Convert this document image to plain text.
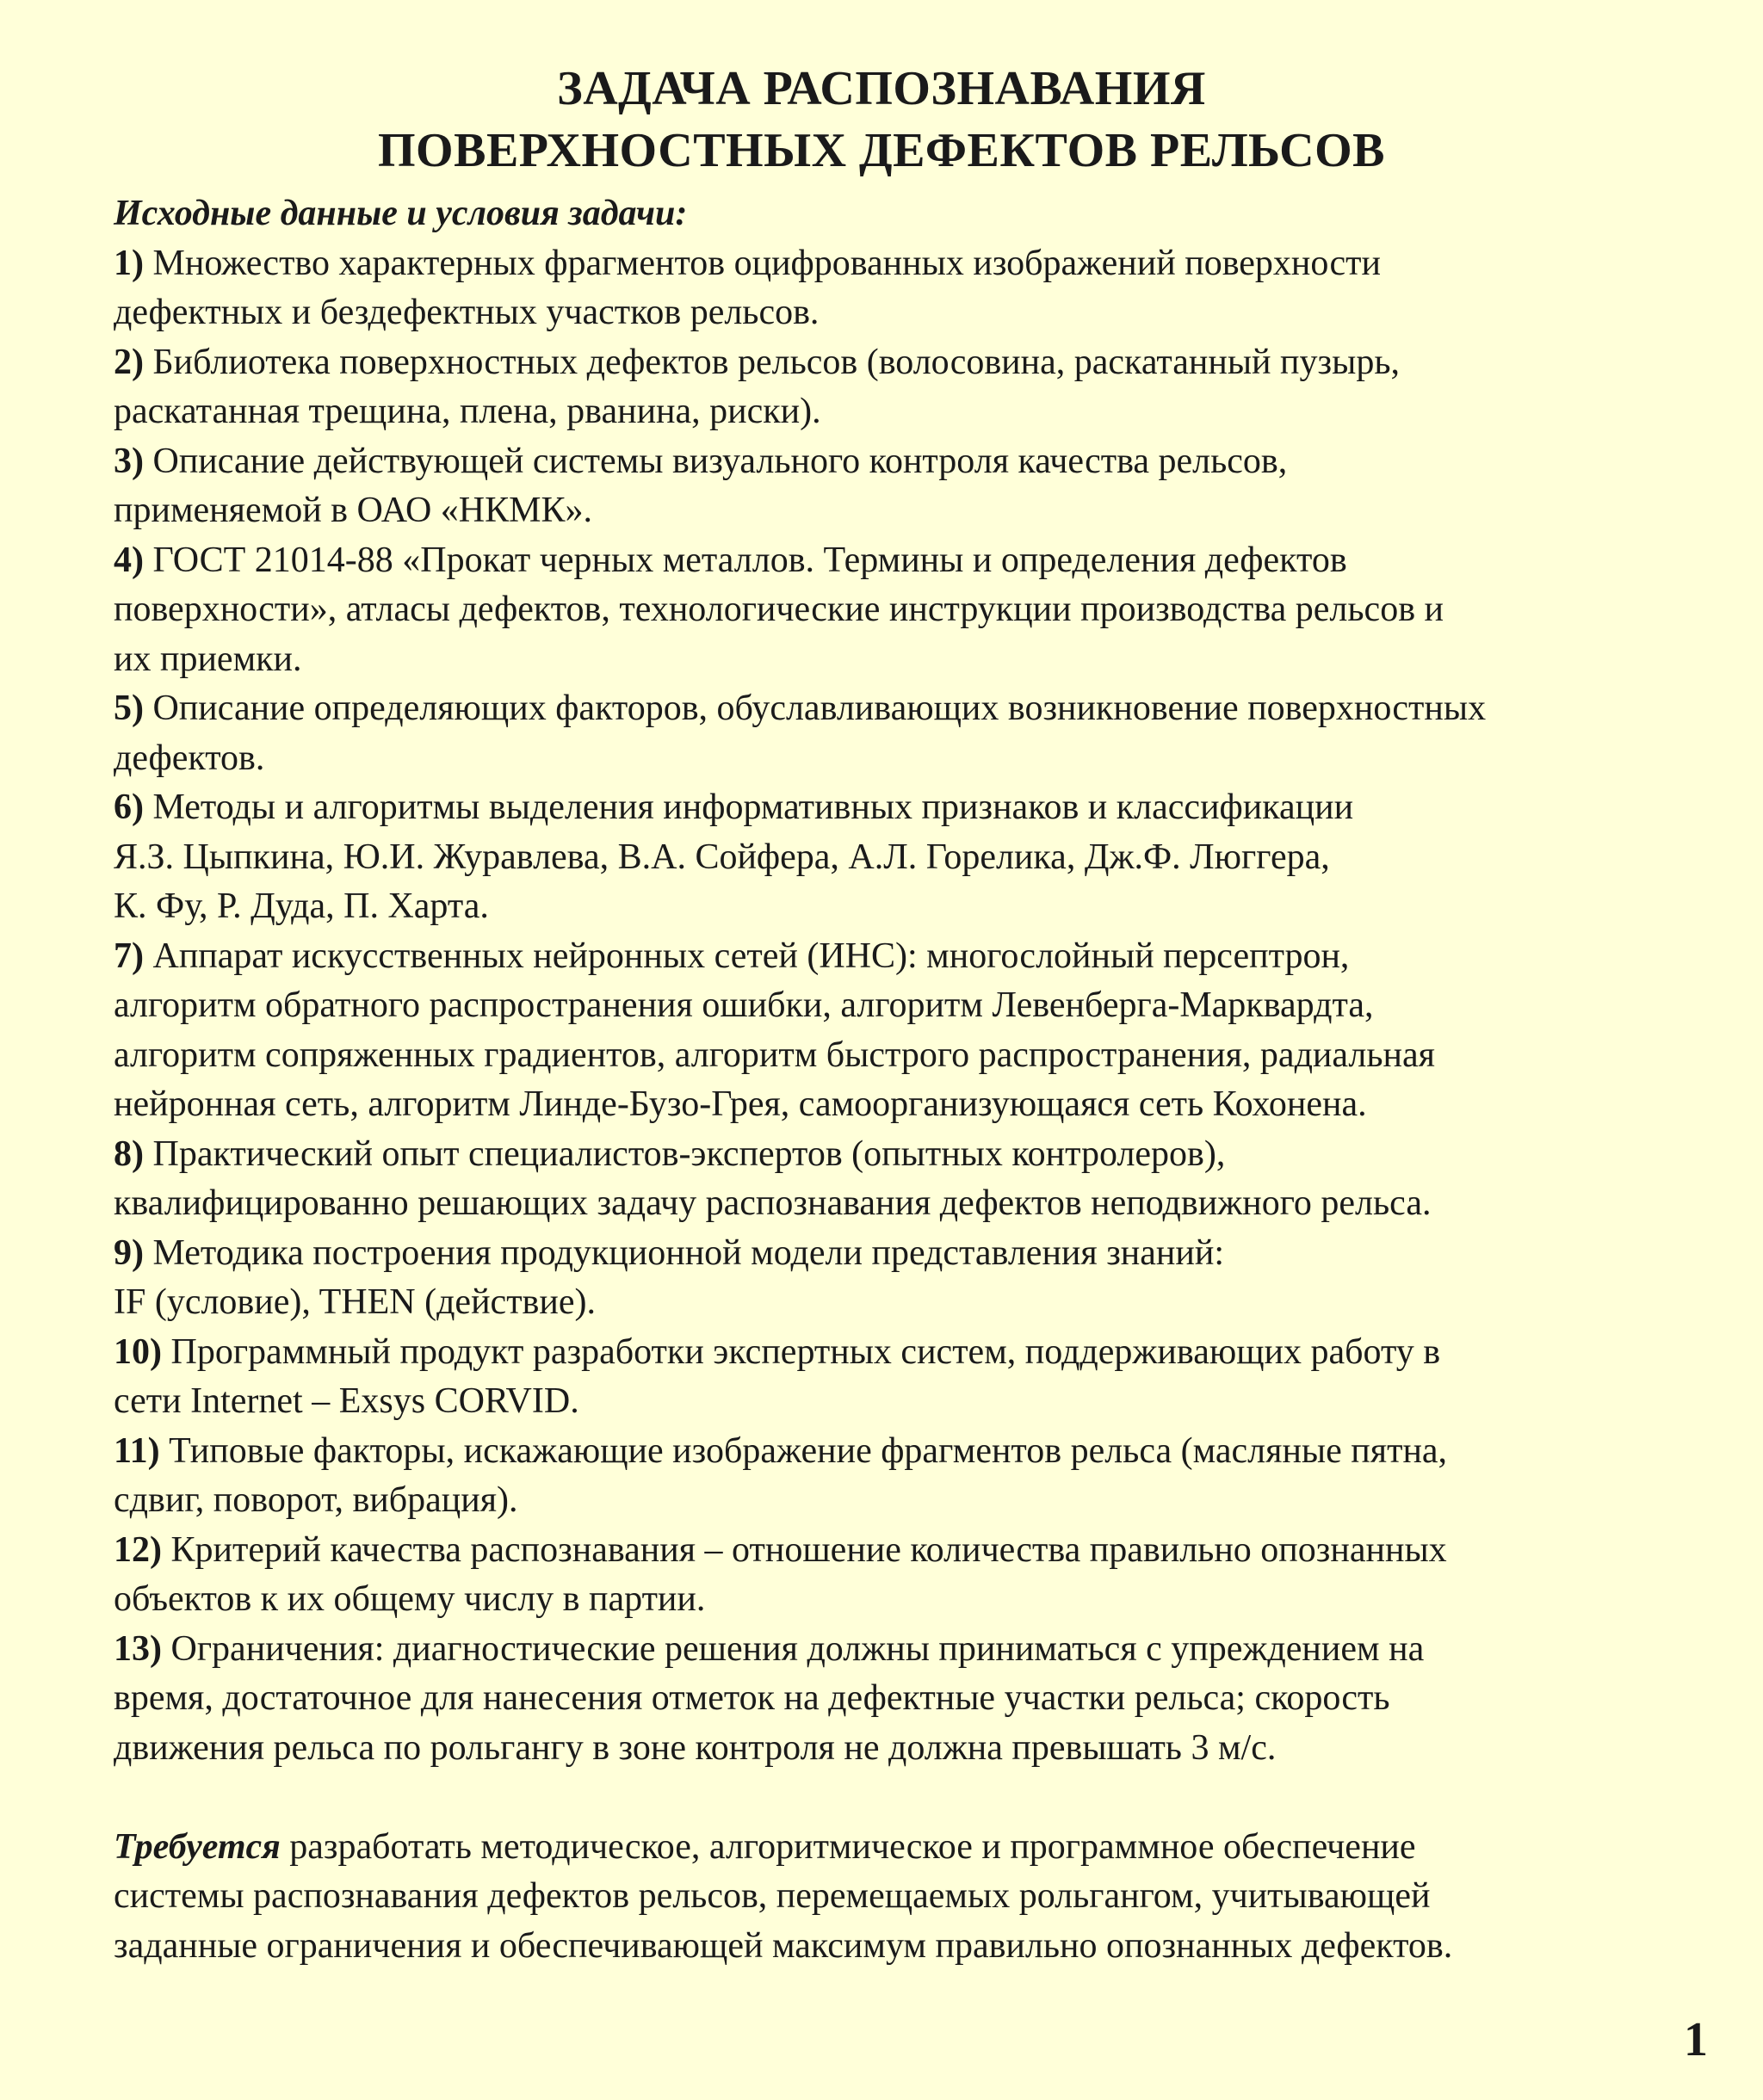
ЗАДАЧА РАСПОЗНАВАНИЯ
ПОВЕРХНОСТНЫХ ДЕФЕКТОВ РЕЛЬСОВ

Исходные данные и условия задачи:

1) Множество характерных фрагментов оцифрованных изображений поверхности
дефектных и бездефектных участков рельсов.

2) Библиотека поверхностных дефектов рельсов (волосовина, раскатанный пузырь,
раскатанная трещина, плена, рванина, риски).

3) Описание действующей системы визуального контроля качества рельсов,
применяемой в ОАО «НКМК».

4) ГОСТ 21014-88 «Прокат черных металлов. Термины и определения дефектов
поверхности», атласы дефектов, технологические инструкции производства рельсов и
их приемки.

5) Описание определяющих факторов, обуславливающих возникновение поверхностных
дефектов.

6) Методы и алгоритмы выделения информативных признаков и классификации
Я.З. Цыпкина, Ю.И. Журавлева, В.А. Сойфера, А.Л. Горелика, Дж.Ф. Люггера,
К. Фу, Р. Дуда, П. Харта.

7) Аппарат искусственных нейронных сетей (ИНС): многослойный персептрон,
алгоритм обратного распространения ошибки, алгоритм Левенберга-Марквардта,
алгоритм сопряженных градиентов, алгоритм быстрого распространения, радиальная
нейронная сеть, алгоритм Линде-Бузо-Грея, самоорганизующаяся сеть Кохонена.

8) Практический опыт специалистов-экспертов (опытных контролеров),
квалифицированно решающих задачу распознавания дефектов неподвижного рельса.

9) Методика построения продукционной модели представления знаний:
IF (условие), THEN (действие).

10) Программный продукт разработки экспертных систем, поддерживающих работу в
сети Internet – Exsys CORVID.

11) Типовые факторы, искажающие изображение фрагментов рельса (масляные пятна,
сдвиг, поворот, вибрация).

12) Критерий качества распознавания – отношение количества правильно опознанных
объектов к их общему числу в партии.

13) Ограничения: диагностические решения должны приниматься с упреждением на
время, достаточное для нанесения отметок на дефектные участки рельса; скорость
движения рельса по рольгангу в зоне контроля не должна превышать 3 м/с.

Требуется разработать методическое, алгоритмическое и программное обеспечение
системы распознавания дефектов рельсов, перемещаемых рольгангом, учитывающей
заданные ограничения и обеспечивающей максимум правильно опознанных дефектов.

1
